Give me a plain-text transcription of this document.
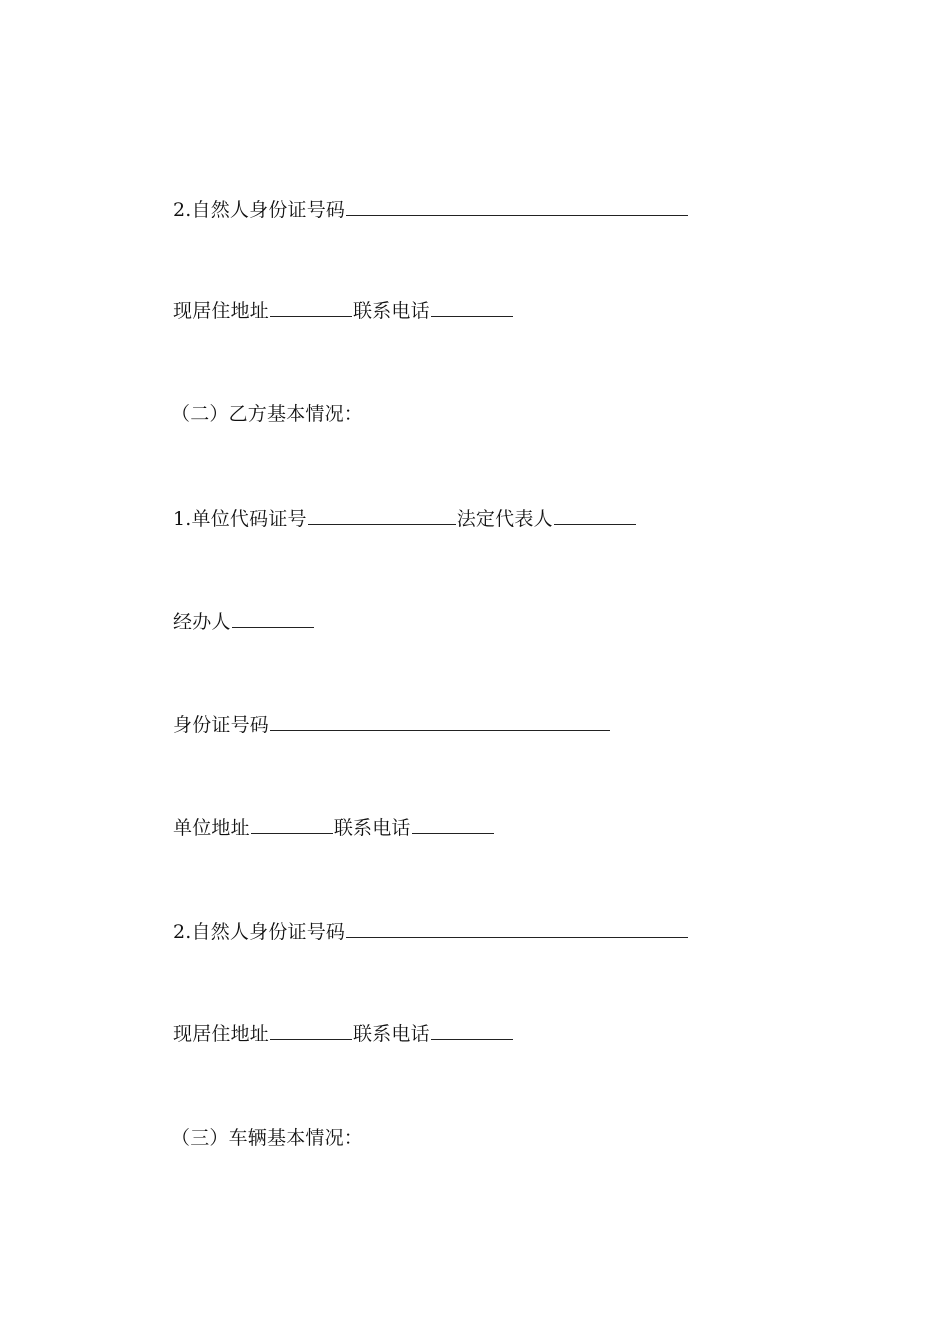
2.自然人身份证号码
现居住地址	联系电话
（二）乙方基本情况：
1.单位代码证号	法定代表人
经办人
身份证号码
单位地址	联系电话
2.自然人身份证号码
现居住地址	联系电话
（三）车辆基本情况：
